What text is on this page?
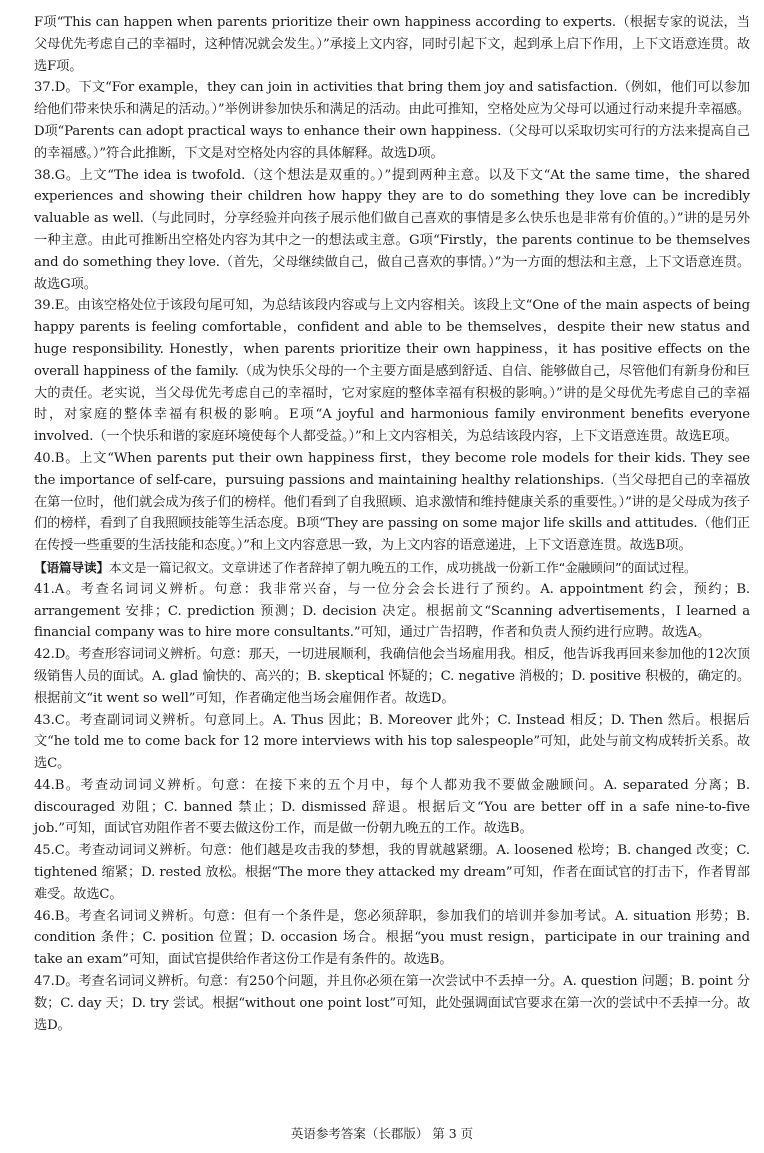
F项“This can happen when parents prioritize their own happiness according to experts.（根据专家的说法，当父母优先考虑自己的幸福时，这种情况就会发生。）”承接上文内容，同时引起下文，起到承上启下作用，上下文语意连贯。故选F项。

37.D。下文“For example，they can join in activities that bring them joy and satisfaction.（例如，他们可以参加给他们带来快乐和满足的活动。）”举例讲参加快乐和满足的活动。由此可推知，空格处应为父母可以通过行动来提升幸福感。D项“Parents can adopt practical ways to enhance their own happiness.（父母可以采取切实可行的方法来提高自己的幸福感。）”符合此推断，下文是对空格处内容的具体解释。故选D项。

38.G。上文“The idea is twofold.（这个想法是双重的。）”提到两种主意。以及下文“At the same time，the shared experiences and showing their children how happy they are to do something they love can be incredibly valuable as well.（与此同时，分享经验并向孩子展示他们做自己喜欢的事情是多么快乐也是非常有价值的。）”讲的是另外一种主意。由此可推断出空格处内容为其中之一的想法或主意。G项“Firstly，the parents continue to be themselves and do something they love.（首先，父母继续做自己，做自己喜欢的事情。）”为一方面的想法和主意，上下文语意连贯。故选G项。

39.E。由该空格处位于该段句尾可知，为总结该段内容或与上文内容相关。该段上文“One of the main aspects of being happy parents is feeling comfortable，confident and able to be themselves，despite their new status and huge responsibility. Honestly，when parents prioritize their own happiness，it has positive effects on the overall happiness of the family.（成为快乐父母的一个主要方面是感到舒适、自信、能够做自己，尽管他们有新身份和巨大的责任。老实说，当父母优先考虑自己的幸福时，它对家庭的整体幸福有积极的影响。）”讲的是父母优先考虑自己的幸福时，对家庭的整体幸福有积极的影响。E项“A joyful and harmonious family environment benefits everyone involved.（一个快乐和谐的家庭环境使每个人都受益。）”和上文内容相关，为总结该段内容，上下文语意连贯。故选E项。

40.B。上文“When parents put their own happiness first，they become role models for their kids. They see the importance of self-care，pursuing passions and maintaining healthy relationships.（当父母把自己的幸福放在第一位时，他们就会成为孩子们的榜样。他们看到了自我照顾、追求激情和维持健康关系的重要性。）”讲的是父母成为孩子们的榜样，看到了自我照顾技能等生活态度。B项“They are passing on some major life skills and attitudes.（他们正在传授一些重要的生活技能和态度。）”和上文内容意思一致，为上文内容的语意递进，上下文语意连贯。故选B项。

【语篇导读】本文是一篇记叙文。文章讲述了作者辞掉了朝九晚五的工作，成功挑战一份新工作“金融顾问”的面试过程。

41.A。考查名词词义辨析。句意：我非常兴奋，与一位分会会长进行了预约。A. appointment 约会，预约；B. arrangement 安排；C. prediction 预测；D. decision 决定。根据前文“Scanning advertisements，I learned a financial company was to hire more consultants.”可知，通过广告招聘，作者和负责人预约进行应聘。故选A。

42.D。考查形容词词义辨析。句意：那天，一切进展顺利，我确信他会当场雇用我。相反，他告诉我再回来参加他的12次顶级销售人员的面试。A. glad 愉快的、高兴的；B. skeptical 怀疑的；C. negative 消极的；D. positive 积极的，确定的。根据前文“it went so well”可知，作者确定他当场会雇佣作者。故选D。

43.C。考查副词词义辨析。句意同上。A. Thus 因此；B. Moreover 此外；C. Instead 相反；D. Then 然后。根据后文“he told me to come back for 12 more interviews with his top salespeople”可知，此处与前文构成转折关系。故选C。

44.B。考查动词词义辨析。句意：在接下来的五个月中，每个人都劝我不要做金融顾问。A. separated 分离；B. discouraged 劝阻；C. banned 禁止；D. dismissed 辞退。根据后文“You are better off in a safe nine-to-five job.”可知，面试官劝阻作者不要去做这份工作，而是做一份朝九晚五的工作。故选B。

45.C。考查动词词义辨析。句意：他们越是攻击我的梦想，我的胃就越紧绷。A. loosened 松垮；B. changed 改变；C. tightened 缩紧；D. rested 放松。根据“The more they attacked my dream”可知，作者在面试官的打击下，作者胃部难受。故选C。

46.B。考查名词词义辨析。句意：但有一个条件是，您必须辞职，参加我们的培训并参加考试。A. situation 形势；B. condition 条件；C. position 位置；D. occasion 场合。根据“you must resign，participate in our training and take an exam”可知，面试官提供给作者这份工作是有条件的。故选B。

47.D。考查名词词义辨析。句意：有250个问题，并且你必须在第一次尝试中不丢掉一分。A. question 问题；B. point 分数；C. day 天；D. try 尝试。根据“without one point lost”可知，此处强调面试官要求在第一次的尝试中不丢掉一分。故选D。

英语参考答案（长郡版） 第 3 页
